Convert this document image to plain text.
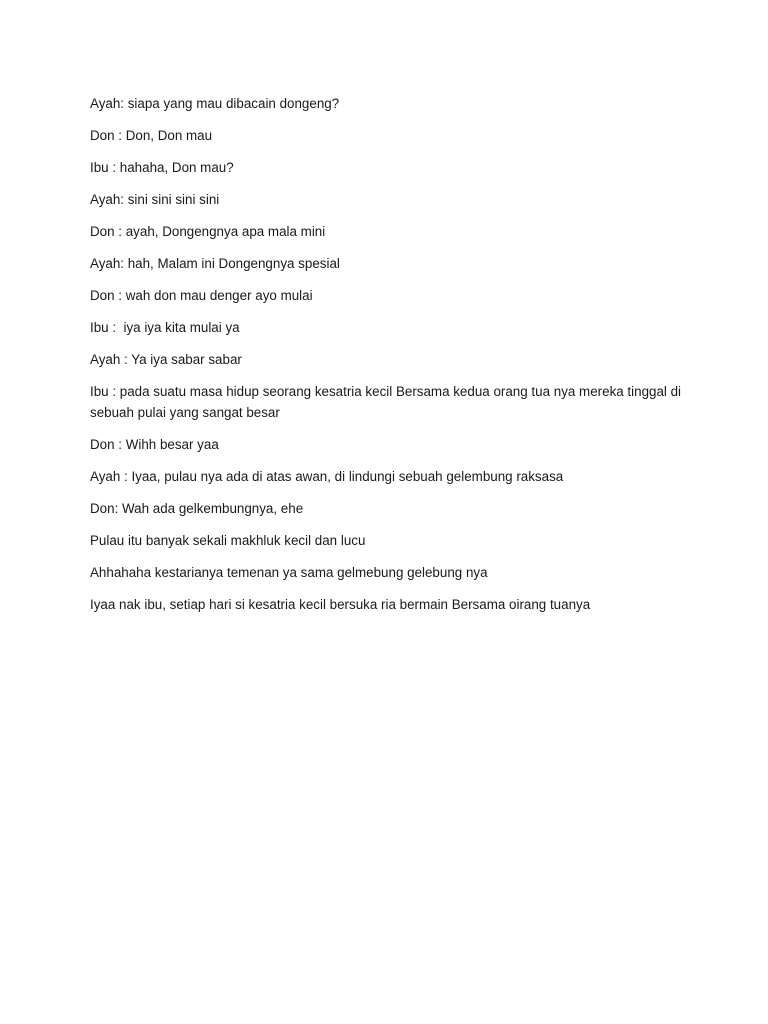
Ayah: siapa yang mau dibacain dongeng?

Don : Don, Don mau

Ibu : hahaha, Don mau?

Ayah: sini sini sini sini

Don : ayah, Dongengnya apa mala mini

Ayah: hah, Malam ini Dongengnya spesial

Don : wah don mau denger ayo mulai

Ibu :  iya iya kita mulai ya

Ayah : Ya iya sabar sabar

Ibu : pada suatu masa hidup seorang kesatria kecil Bersama kedua orang tua nya mereka tinggal di sebuah pulai yang sangat besar

Don : Wihh besar yaa

Ayah : Iyaa, pulau nya ada di atas awan, di lindungi sebuah gelembung raksasa

Don: Wah ada gelkembungnya, ehe

Pulau itu banyak sekali makhluk kecil dan lucu

Ahhahaha kestarianya temenan ya sama gelmebung gelebung nya

Iyaa nak ibu, setiap hari si kesatria kecil bersuka ria bermain Bersama oirang tuanya
